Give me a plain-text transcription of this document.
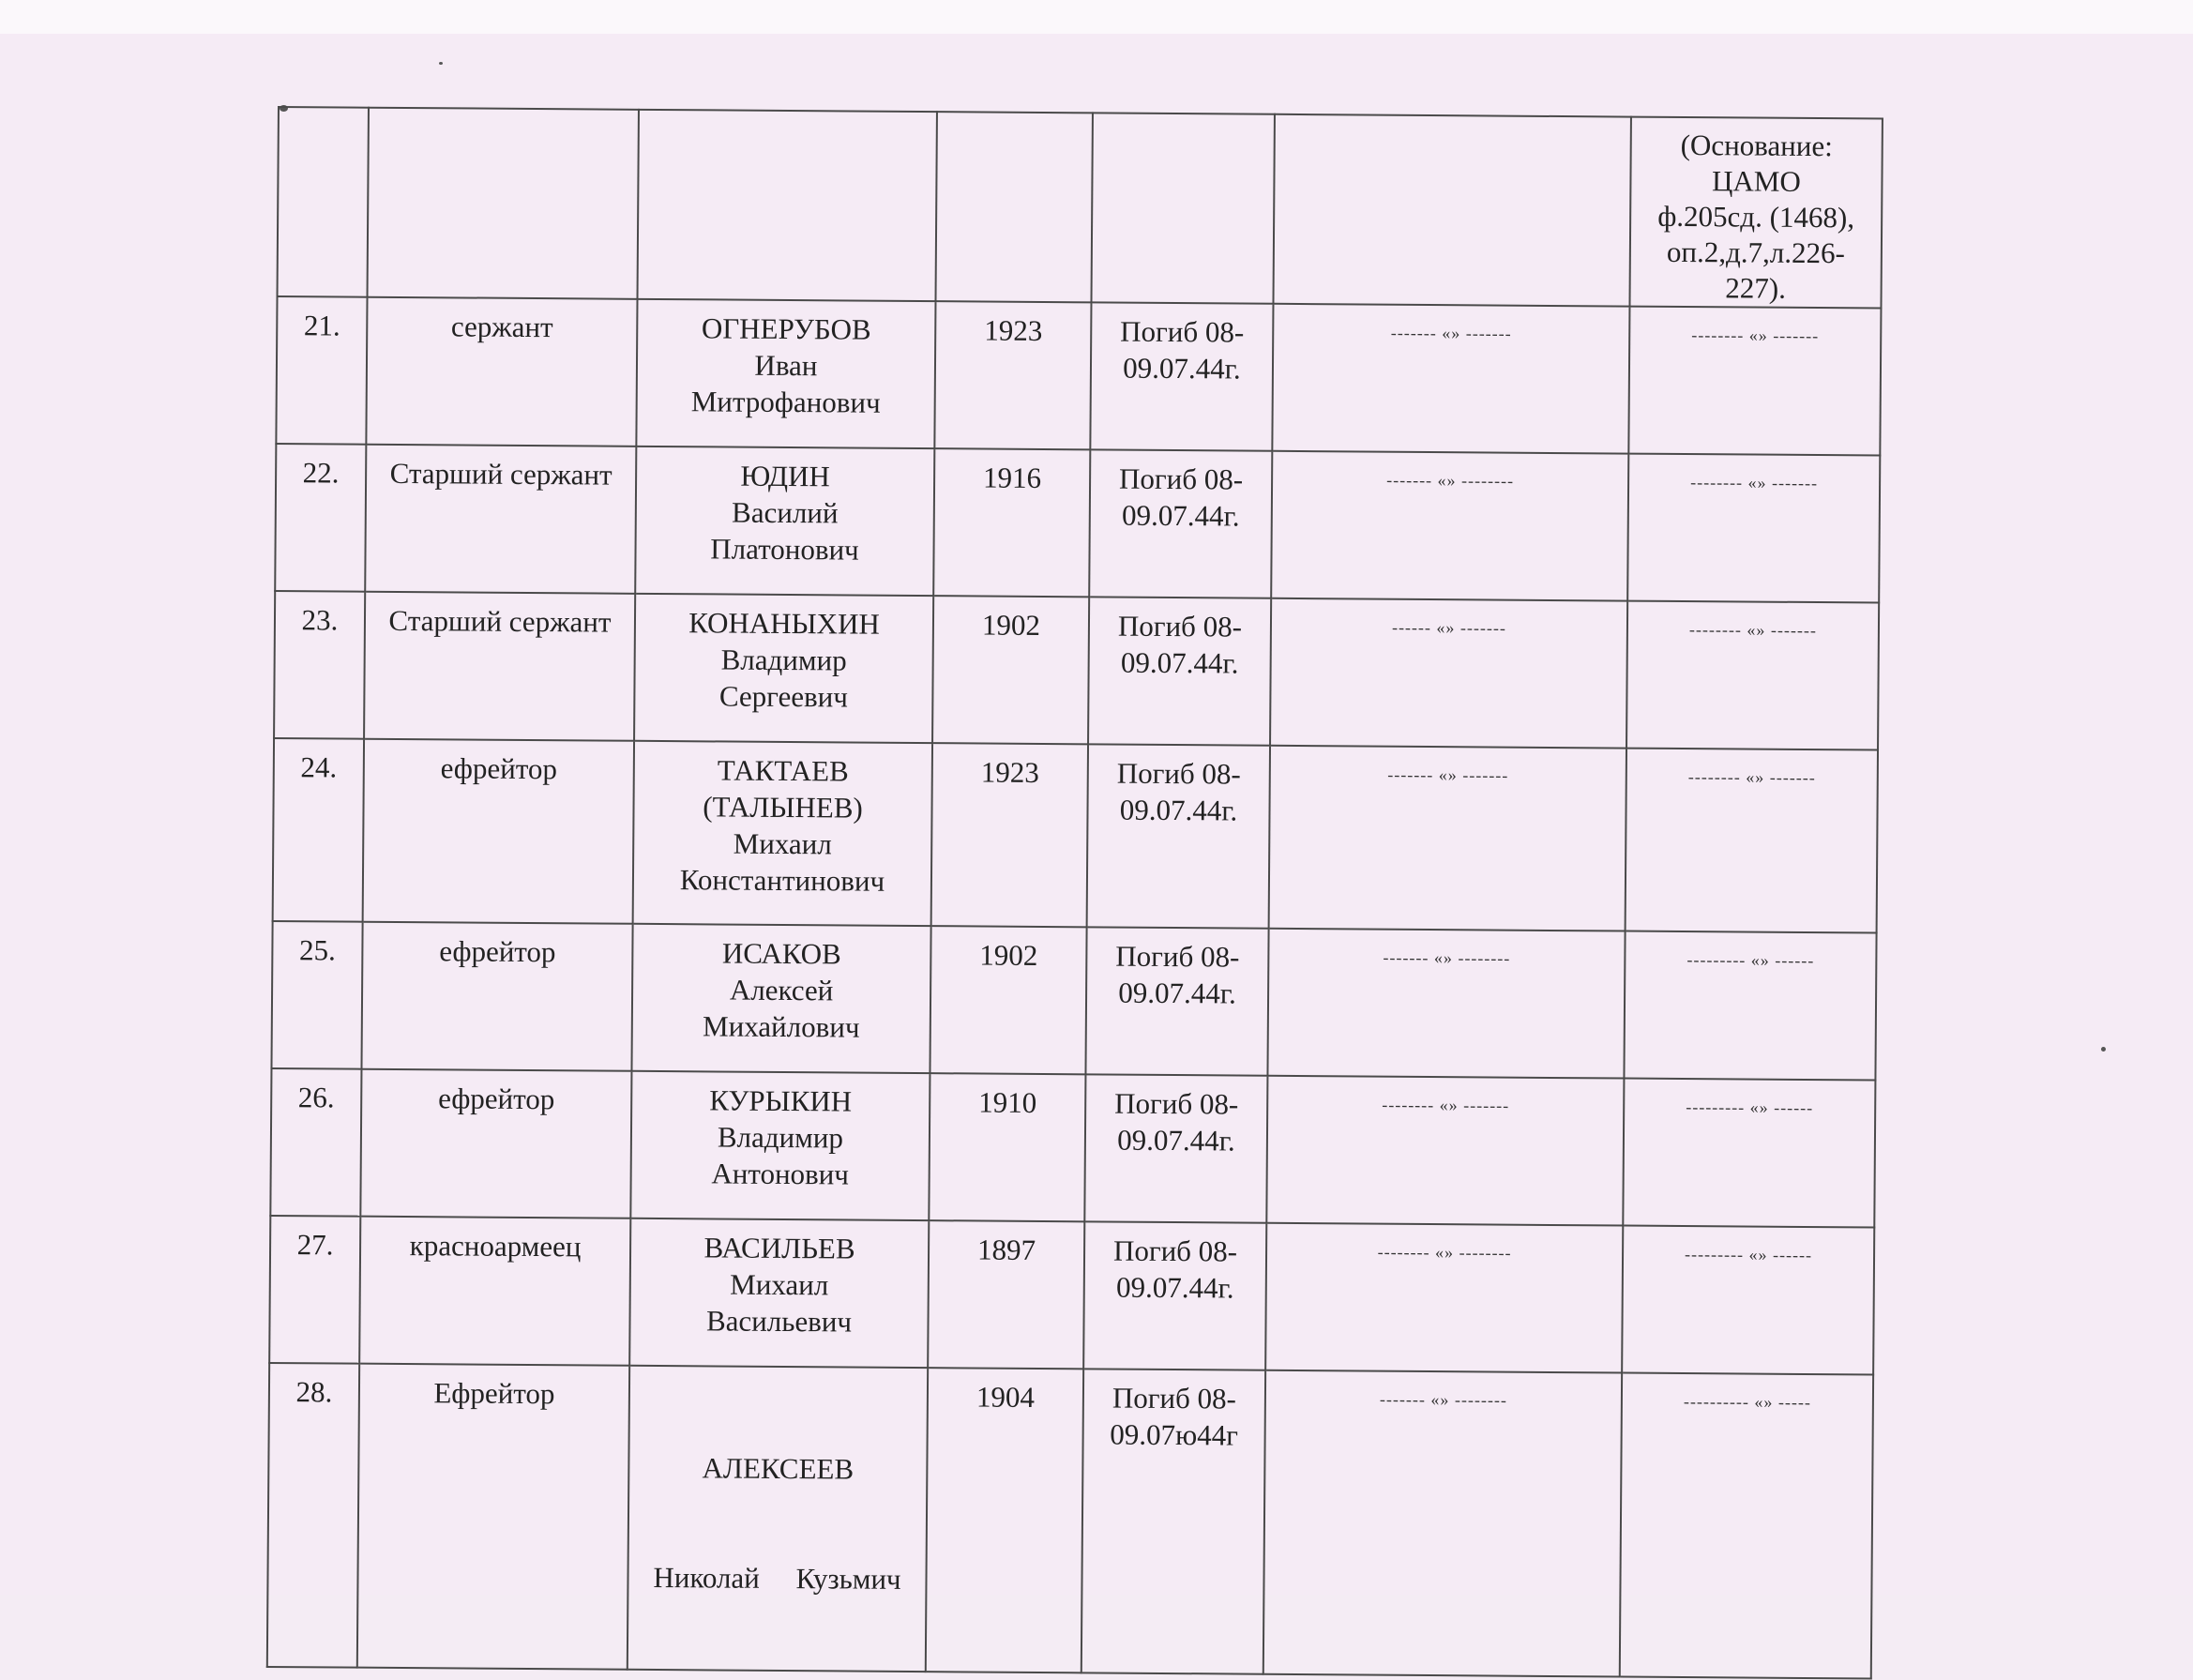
						(Основание:
ЦАМО
ф.205сд. (1468),
оп.2,д.7,л.226-
227).

21.	сержант	ОГНЕРУБОВ
Иван
Митрофанович	1923	Погиб 08-
09.07.44г.	------- «» -------	-------- «» -------
22.	Старший сержант	ЮДИН
Василий
Платонович	1916	Погиб 08-
09.07.44г.	------- «» --------	-------- «» -------
23.	Старший сержант	КОНАНЫХИН
Владимир
Сергеевич	1902	Погиб 08-
09.07.44г.	------ «» -------	-------- «» -------
24.	ефрейтор	ТАКТАЕВ
(ТАЛЫНЕВ)
Михаил
Константинович	1923	Погиб 08-
09.07.44г.	------- «» -------	-------- «» -------
25.	ефрейтор	ИСАКОВ
Алексей
Михайлович	1902	Погиб 08-
09.07.44г.	------- «» --------	--------- «» ------
26.	ефрейтор	КУРЫКИН
Владимир
Антонович	1910	Погиб 08-
09.07.44г.	-------- «» -------	--------- «» ------
27.	красноармеец	ВАСИЛЬЕВ
Михаил
Васильевич	1897	Погиб 08-
09.07.44г.	-------- «» --------	--------- «» ------
28.	Ефрейтор	АЛЕКСЕЕВ

Николай     Кузьмич	1904	Погиб 08-
09.07ю44г	------- «» --------	---------- «» -----
